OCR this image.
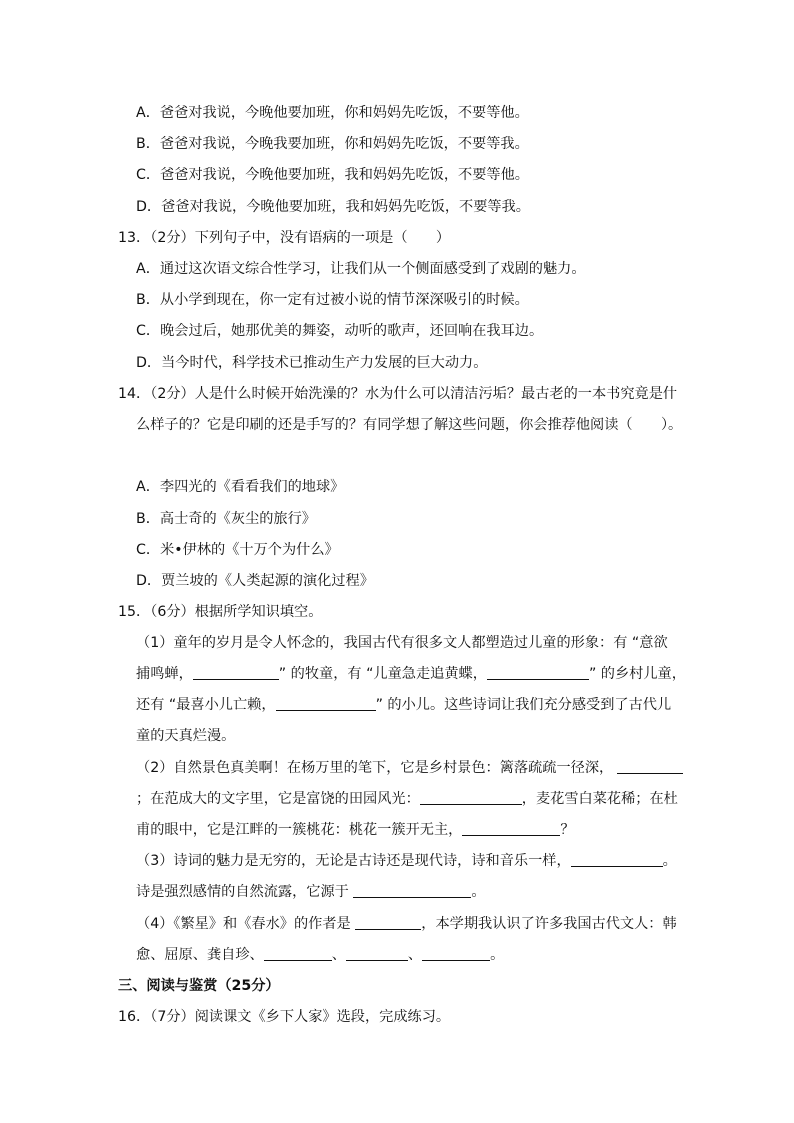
A．爸爸对我说，今晚他要加班，你和妈妈先吃饭，不要等他。
B．爸爸对我说，今晚我要加班，你和妈妈先吃饭，不要等我。
C．爸爸对我说，今晚他要加班，我和妈妈先吃饭，不要等他。
D．爸爸对我说，今晚他要加班，我和妈妈先吃饭，不要等我。
13．（2分）下列句子中，没有语病的一项是（　　）
A．通过这次语文综合性学习，让我们从一个侧面感受到了戏剧的魅力。
B．从小学到现在，你一定有过被小说的情节深深吸引的时候。
C．晚会过后，她那优美的舞姿，动听的歌声，还回响在我耳边。
D．当今时代，科学技术已推动生产力发展的巨大动力。
14．（2分）人是什么时候开始洗澡的？水为什么可以清洁污垢？最古老的一本书究竟是什
么样子的？它是印刷的还是手写的？有同学想了解这些问题，你会推荐他阅读（　　）。
A．李四光的《看看我们的地球》
B．高士奇的《灰尘的旅行》
C．米•伊林的《十万个为什么》
D．贾兰坡的《人类起源的演化过程》
15．（6分）根据所学知识填空。
（1）童年的岁月是令人怀念的，我国古代有很多文人都塑造过儿童的形象：有 “意欲
捕鸣蝉，	” 的牧童，有 “儿童急走追黄蝶，	” 的乡村儿童，
还有 “最喜小儿亡赖，	” 的小儿。这些诗词让我们充分感受到了古代儿
童的天真烂漫。
（2）自然景色真美啊！在杨万里的笔下，它是乡村景色：篱落疏疏一径深，
；在范成大的文字里，它是富饶的田园风光：	，麦花雪白菜花稀；在杜
甫的眼中，它是江畔的一簇桃花：桃花一簇开无主，	？
（3）诗词的魅力是无穷的，无论是古诗还是现代诗，诗和音乐一样，	。
诗是强烈感情的自然流露，它源于	。
（4）《繁星》和《春水》的作者是	，本学期我认识了许多我国古代文人：韩
愈、屈原、龚自珍、	、	、	。
三、阅读与鉴赏（25分）
16．（7分）阅读课文《乡下人家》选段，完成练习。
